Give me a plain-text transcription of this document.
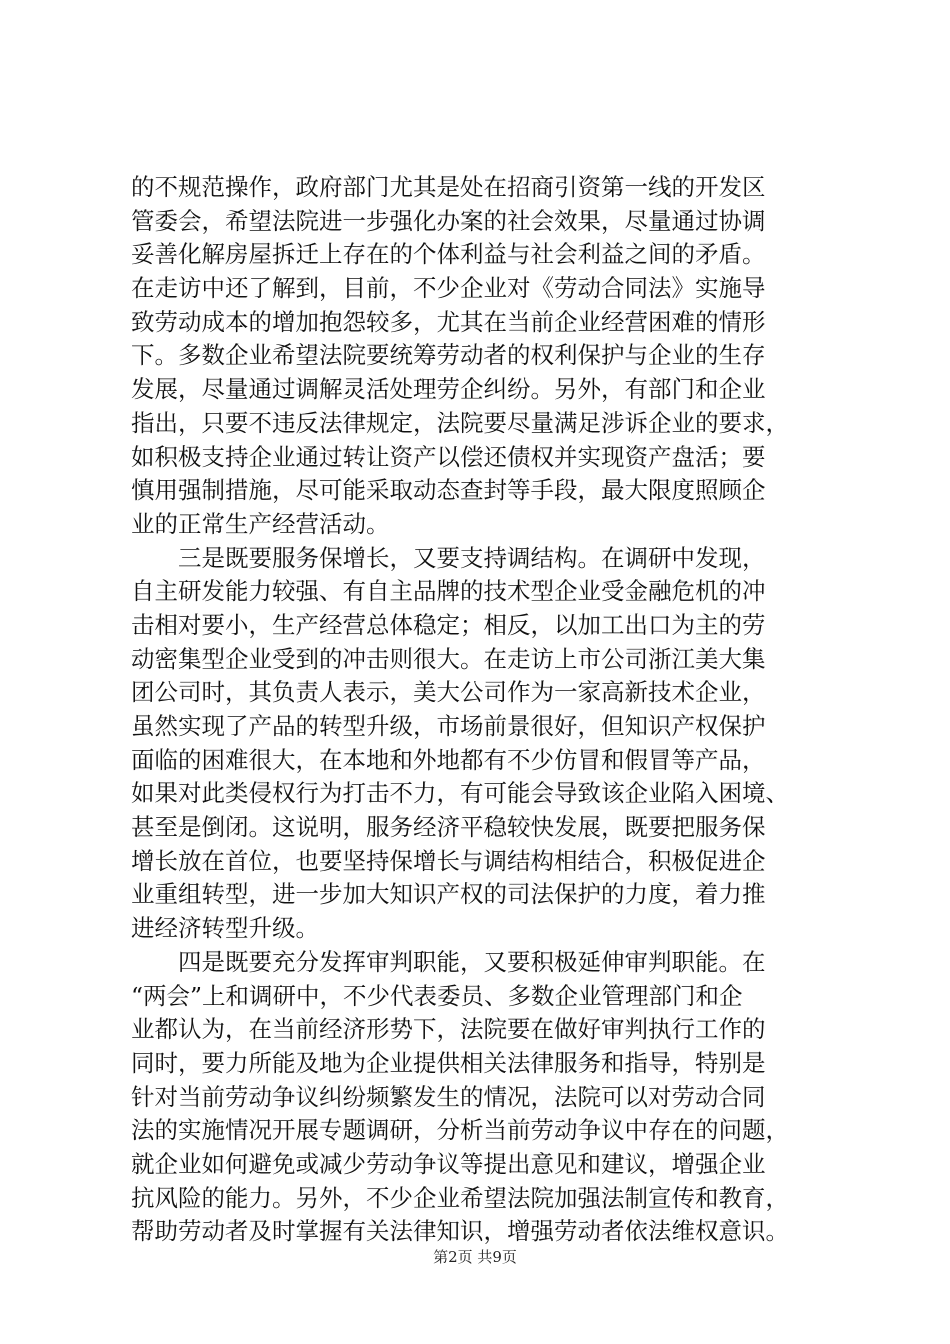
的不规范操作，政府部门尤其是处在招商引资第一线的开发区
管委会，希望法院进一步强化办案的社会效果，尽量通过协调
妥善化解房屋拆迁上存在的个体利益与社会利益之间的矛盾。
在走访中还了解到，目前，不少企业对《劳动合同法》实施导
致劳动成本的增加抱怨较多，尤其在当前企业经营困难的情形
下。多数企业希望法院要统筹劳动者的权利保护与企业的生存
发展，尽量通过调解灵活处理劳企纠纷。另外，有部门和企业
指出，只要不违反法律规定，法院要尽量满足涉诉企业的要求，
如积极支持企业通过转让资产以偿还债权并实现资产盘活；要
慎用强制措施，尽可能采取动态查封等手段，最大限度照顾企
业的正常生产经营活动。
三是既要服务保增长，又要支持调结构。在调研中发现，
自主研发能力较强、有自主品牌的技术型企业受金融危机的冲
击相对要小，生产经营总体稳定；相反，以加工出口为主的劳
动密集型企业受到的冲击则很大。在走访上市公司浙江美大集
团公司时，其负责人表示，美大公司作为一家高新技术企业，
虽然实现了产品的转型升级，市场前景很好，但知识产权保护
面临的困难很大，在本地和外地都有不少仿冒和假冒等产品，
如果对此类侵权行为打击不力，有可能会导致该企业陷入困境、
甚至是倒闭。这说明，服务经济平稳较快发展，既要把服务保
增长放在首位，也要坚持保增长与调结构相结合，积极促进企
业重组转型，进一步加大知识产权的司法保护的力度，着力推
进经济转型升级。
四是既要充分发挥审判职能，又要积极延伸审判职能。在
“两会”上和调研中，不少代表委员、多数企业管理部门和企
业都认为，在当前经济形势下，法院要在做好审判执行工作的
同时，要力所能及地为企业提供相关法律服务和指导，特别是
针对当前劳动争议纠纷频繁发生的情况，法院可以对劳动合同
法的实施情况开展专题调研，分析当前劳动争议中存在的问题，
就企业如何避免或减少劳动争议等提出意见和建议，增强企业
抗风险的能力。另外，不少企业希望法院加强法制宣传和教育，
帮助劳动者及时掌握有关法律知识，增强劳动者依法维权意识。
第2页 共9页
